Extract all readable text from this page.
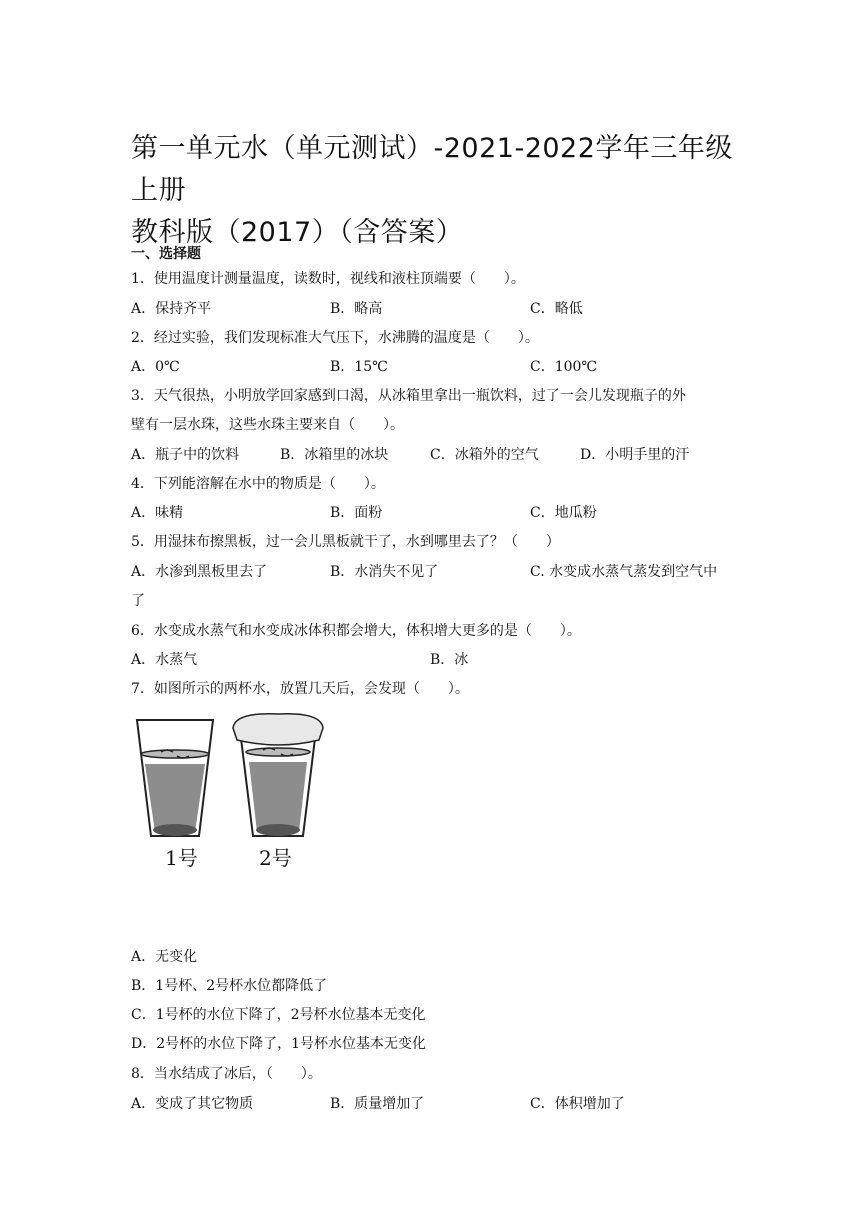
第一单元水（单元测试）-2021-2022学年三年级上册
教科版（2017）（含答案）
一、选择题
1．使用温度计测量温度，读数时，视线和液柱顶端要（　　）。
A．保持齐平	B．略高	C．略低
2．经过实验，我们发现标准大气压下，水沸腾的温度是（　　）。
A．0℃	B．15℃	C．100℃
3．天气很热，小明放学回家感到口渴，从冰箱里拿出一瓶饮料，过了一会儿发现瓶子的外
壁有一层水珠，这些水珠主要来自（　　）。
A．瓶子中的饮料	B．冰箱里的冰块	C．冰箱外的空气	D．小明手里的汗
4．下列能溶解在水中的物质是（　　）。
A．味精	B．面粉	C．地瓜粉
5．用湿抹布擦黑板，过一会儿黑板就干了，水到哪里去了？（　　）
A．水渗到黑板里去了	B．水消失不见了	C. 水变成水蒸气蒸发到空气中
了
6．水变成水蒸气和水变成冰体积都会增大，体积增大更多的是（　　）。
A．水蒸气	B．冰
7．如图所示的两杯水，放置几天后，会发现（　　）。
1号	2号
A．无变化
B．1号杯、2号杯水位都降低了
C．1号杯的水位下降了，2号杯水位基本无变化
D．2号杯的水位下降了，1号杯水位基本无变化
8．当水结成了冰后，（　　）。
A．变成了其它物质	B．质量增加了	C．体积增加了
